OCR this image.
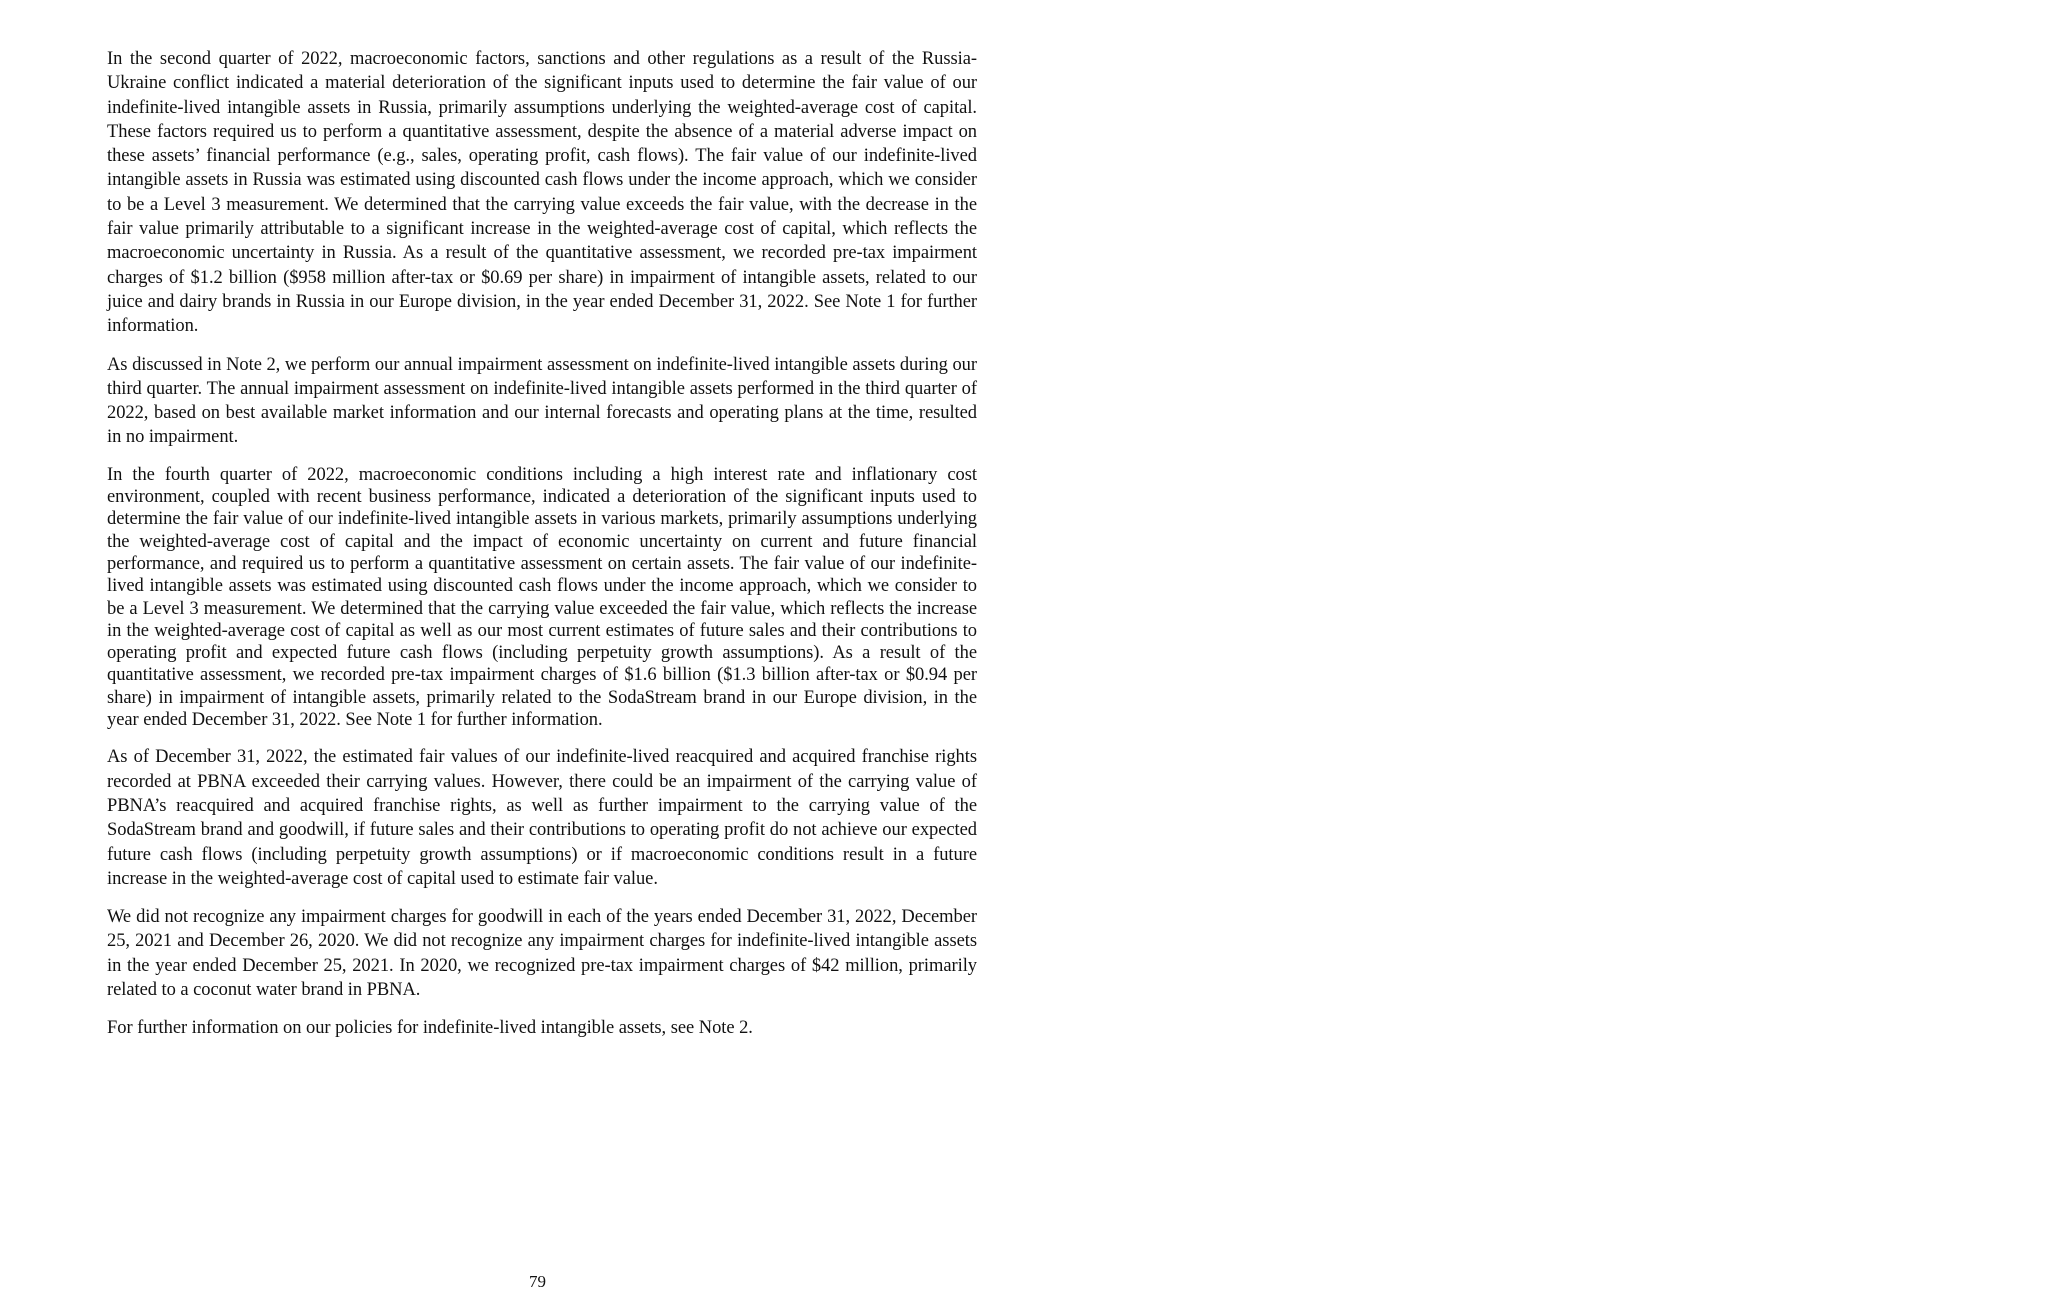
In the second quarter of 2022, macroeconomic factors, sanctions and other regulations as a result of the Russia-Ukraine conflict indicated a material deterioration of the significant inputs used to determine the fair value of our indefinite-lived intangible assets in Russia, primarily assumptions underlying the weighted-average cost of capital. These factors required us to perform a quantitative assessment, despite the absence of a material adverse impact on these assets’ financial performance (e.g., sales, operating profit, cash flows). The fair value of our indefinite-lived intangible assets in Russia was estimated using discounted cash flows under the income approach, which we consider to be a Level 3 measurement. We determined that the carrying value exceeds the fair value, with the decrease in the fair value primarily attributable to a significant increase in the weighted-average cost of capital, which reflects the macroeconomic uncertainty in Russia. As a result of the quantitative assessment, we recorded pre-tax impairment charges of $1.2 billion ($958 million after-tax or $0.69 per share) in impairment of intangible assets, related to our juice and dairy brands in Russia in our Europe division, in the year ended December 31, 2022. See Note 1 for further information.

As discussed in Note 2, we perform our annual impairment assessment on indefinite-lived intangible assets during our third quarter. The annual impairment assessment on indefinite-lived intangible assets performed in the third quarter of 2022, based on best available market information and our internal forecasts and operating plans at the time, resulted in no impairment.

In the fourth quarter of 2022, macroeconomic conditions including a high interest rate and inflationary cost environment, coupled with recent business performance, indicated a deterioration of the significant inputs used to determine the fair value of our indefinite-lived intangible assets in various markets, primarily assumptions underlying the weighted-average cost of capital and the impact of economic uncertainty on current and future financial performance, and required us to perform a quantitative assessment on certain assets. The fair value of our indefinite-lived intangible assets was estimated using discounted cash flows under the income approach, which we consider to be a Level 3 measurement. We determined that the carrying value exceeded the fair value, which reflects the increase in the weighted-average cost of capital as well as our most current estimates of future sales and their contributions to operating profit and expected future cash flows (including perpetuity growth assumptions). As a result of the quantitative assessment, we recorded pre-tax impairment charges of $1.6 billion ($1.3 billion after-tax or $0.94 per share) in impairment of intangible assets, primarily related to the SodaStream brand in our Europe division, in the year ended December 31, 2022. See Note 1 for further information.

As of December 31, 2022, the estimated fair values of our indefinite-lived reacquired and acquired franchise rights recorded at PBNA exceeded their carrying values. However, there could be an impairment of the carrying value of PBNA’s reacquired and acquired franchise rights, as well as further impairment to the carrying value of the SodaStream brand and goodwill, if future sales and their contributions to operating profit do not achieve our expected future cash flows (including perpetuity growth assumptions) or if macroeconomic conditions result in a future increase in the weighted-average cost of capital used to estimate fair value.

We did not recognize any impairment charges for goodwill in each of the years ended December 31, 2022, December 25, 2021 and December 26, 2020. We did not recognize any impairment charges for indefinite-lived intangible assets in the year ended December 25, 2021. In 2020, we recognized pre-tax impairment charges of $42 million, primarily related to a coconut water brand in PBNA.

For further information on our policies for indefinite-lived intangible assets, see Note 2.

79
